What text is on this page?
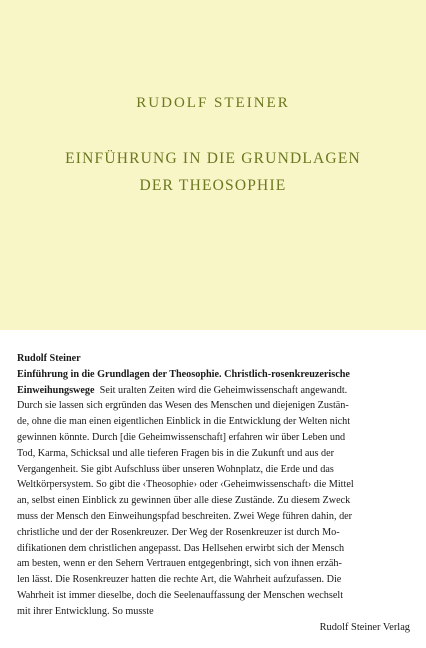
RUDOLF STEINER
EINFÜHRUNG IN DIE GRUNDLAGEN
DER THEOSOPHIE
Rudolf Steiner
Einführung in die Grundlagen der Theosophie. Christlich-rosenkreuzerische
Einweihungswege Seit uralten Zeiten wird die Geheimwissenschaft angewandt.
Durch sie lassen sich ergründen das Wesen des Menschen und diejenigen Zustän-
de, ohne die man einen eigentlichen Einblick in die Entwicklung der Welten nicht
gewinnen könnte. Durch [die Geheimwissenschaft] erfahren wir über Leben und
Tod, Karma, Schicksal und alle tieferen Fragen bis in die Zukunft und aus der
Vergangenheit. Sie gibt Aufschluss über unseren Wohnplatz, die Erde und das
Weltkörpersystem. So gibt die ‹Theosophie› oder ‹Geheimwissenschaft› die Mittel
an, selbst einen Einblick zu gewinnen über alle diese Zustände. Zu diesem Zweck
muss der Mensch den Einweihungspfad beschreiten. Zwei Wege führen dahin, der
christliche und der der Rosenkreuzer. Der Weg der Rosenkreuzer ist durch Mo-
difikationen dem christlichen angepasst. Das Hellsehen erwirbt sich der Mensch
am besten, wenn er den Sehern Vertrauen entgegenbringt, sich von ihnen erzäh-
len lässt. Die Rosenkreuzer hatten die rechte Art, die Wahrheit aufzufassen. Die
Wahrheit ist immer dieselbe, doch die Seelenauffassung der Menschen wechselt
mit ihrer Entwicklung. So musste
Rudolf Steiner Verlag
